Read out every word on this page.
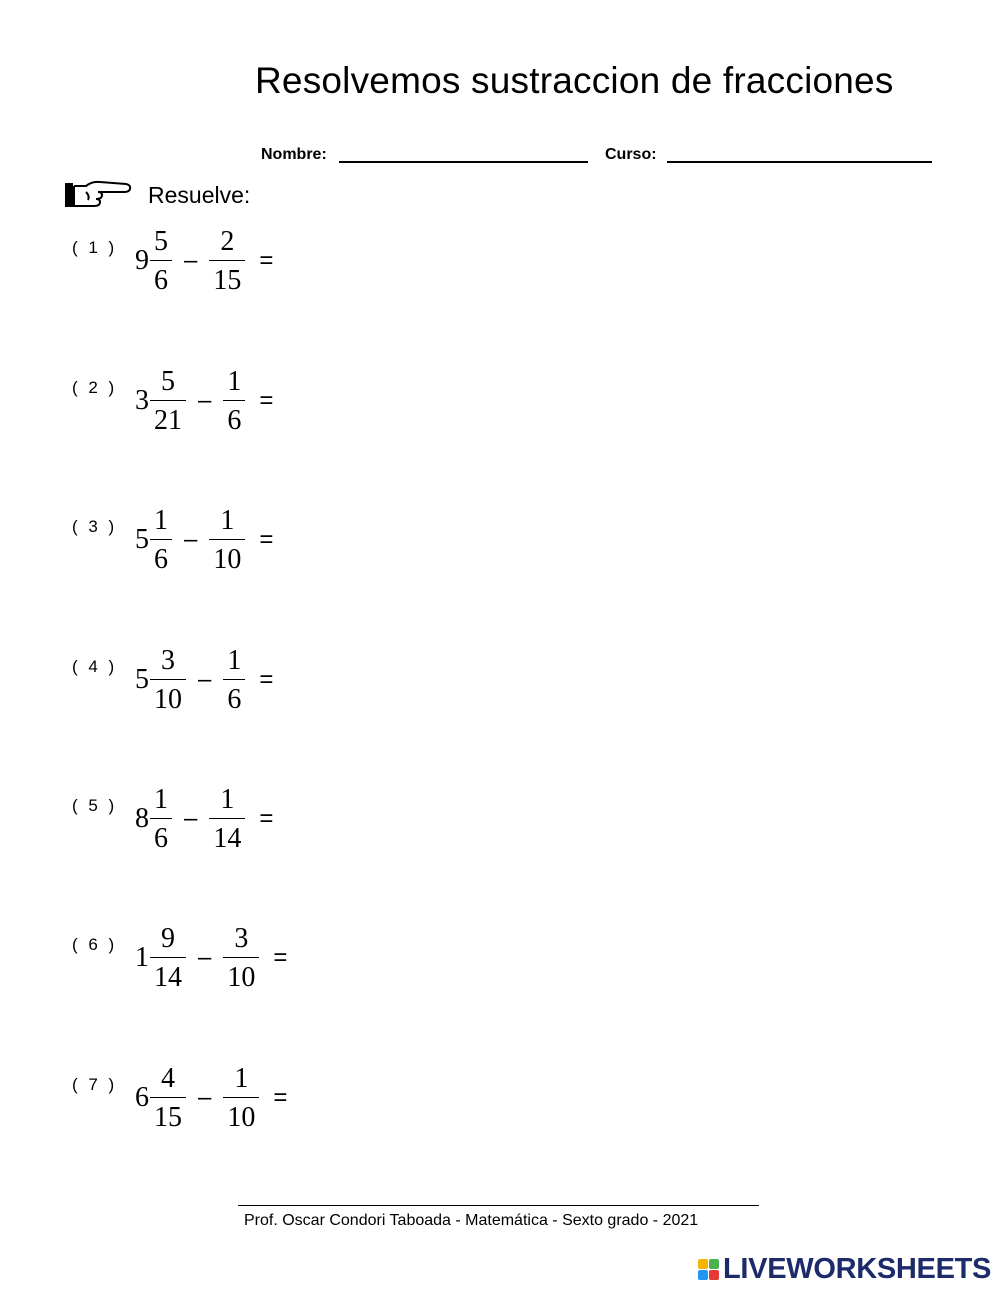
Resolvemos sustraccion de fracciones
Nombre:	Curso:
Resuelve:
( 1 ) $9 \frac{5}{6} - \frac{2}{15}$ =
( 2 ) $3 \frac{5}{21} - \frac{1}{6}$ =
( 3 ) $5 \frac{1}{6} - \frac{1}{10}$ =
( 4 ) $5 \frac{3}{10} - \frac{1}{6}$ =
( 5 ) $8 \frac{1}{6} - \frac{1}{14}$ =
( 6 ) $1 \frac{9}{14} - \frac{3}{10}$ =
( 7 ) $6 \frac{4}{15} - \frac{1}{10}$ =
Prof. Oscar Condori Taboada - Matemática - Sexto grado - 2021
LIVEWORKSHEETS
